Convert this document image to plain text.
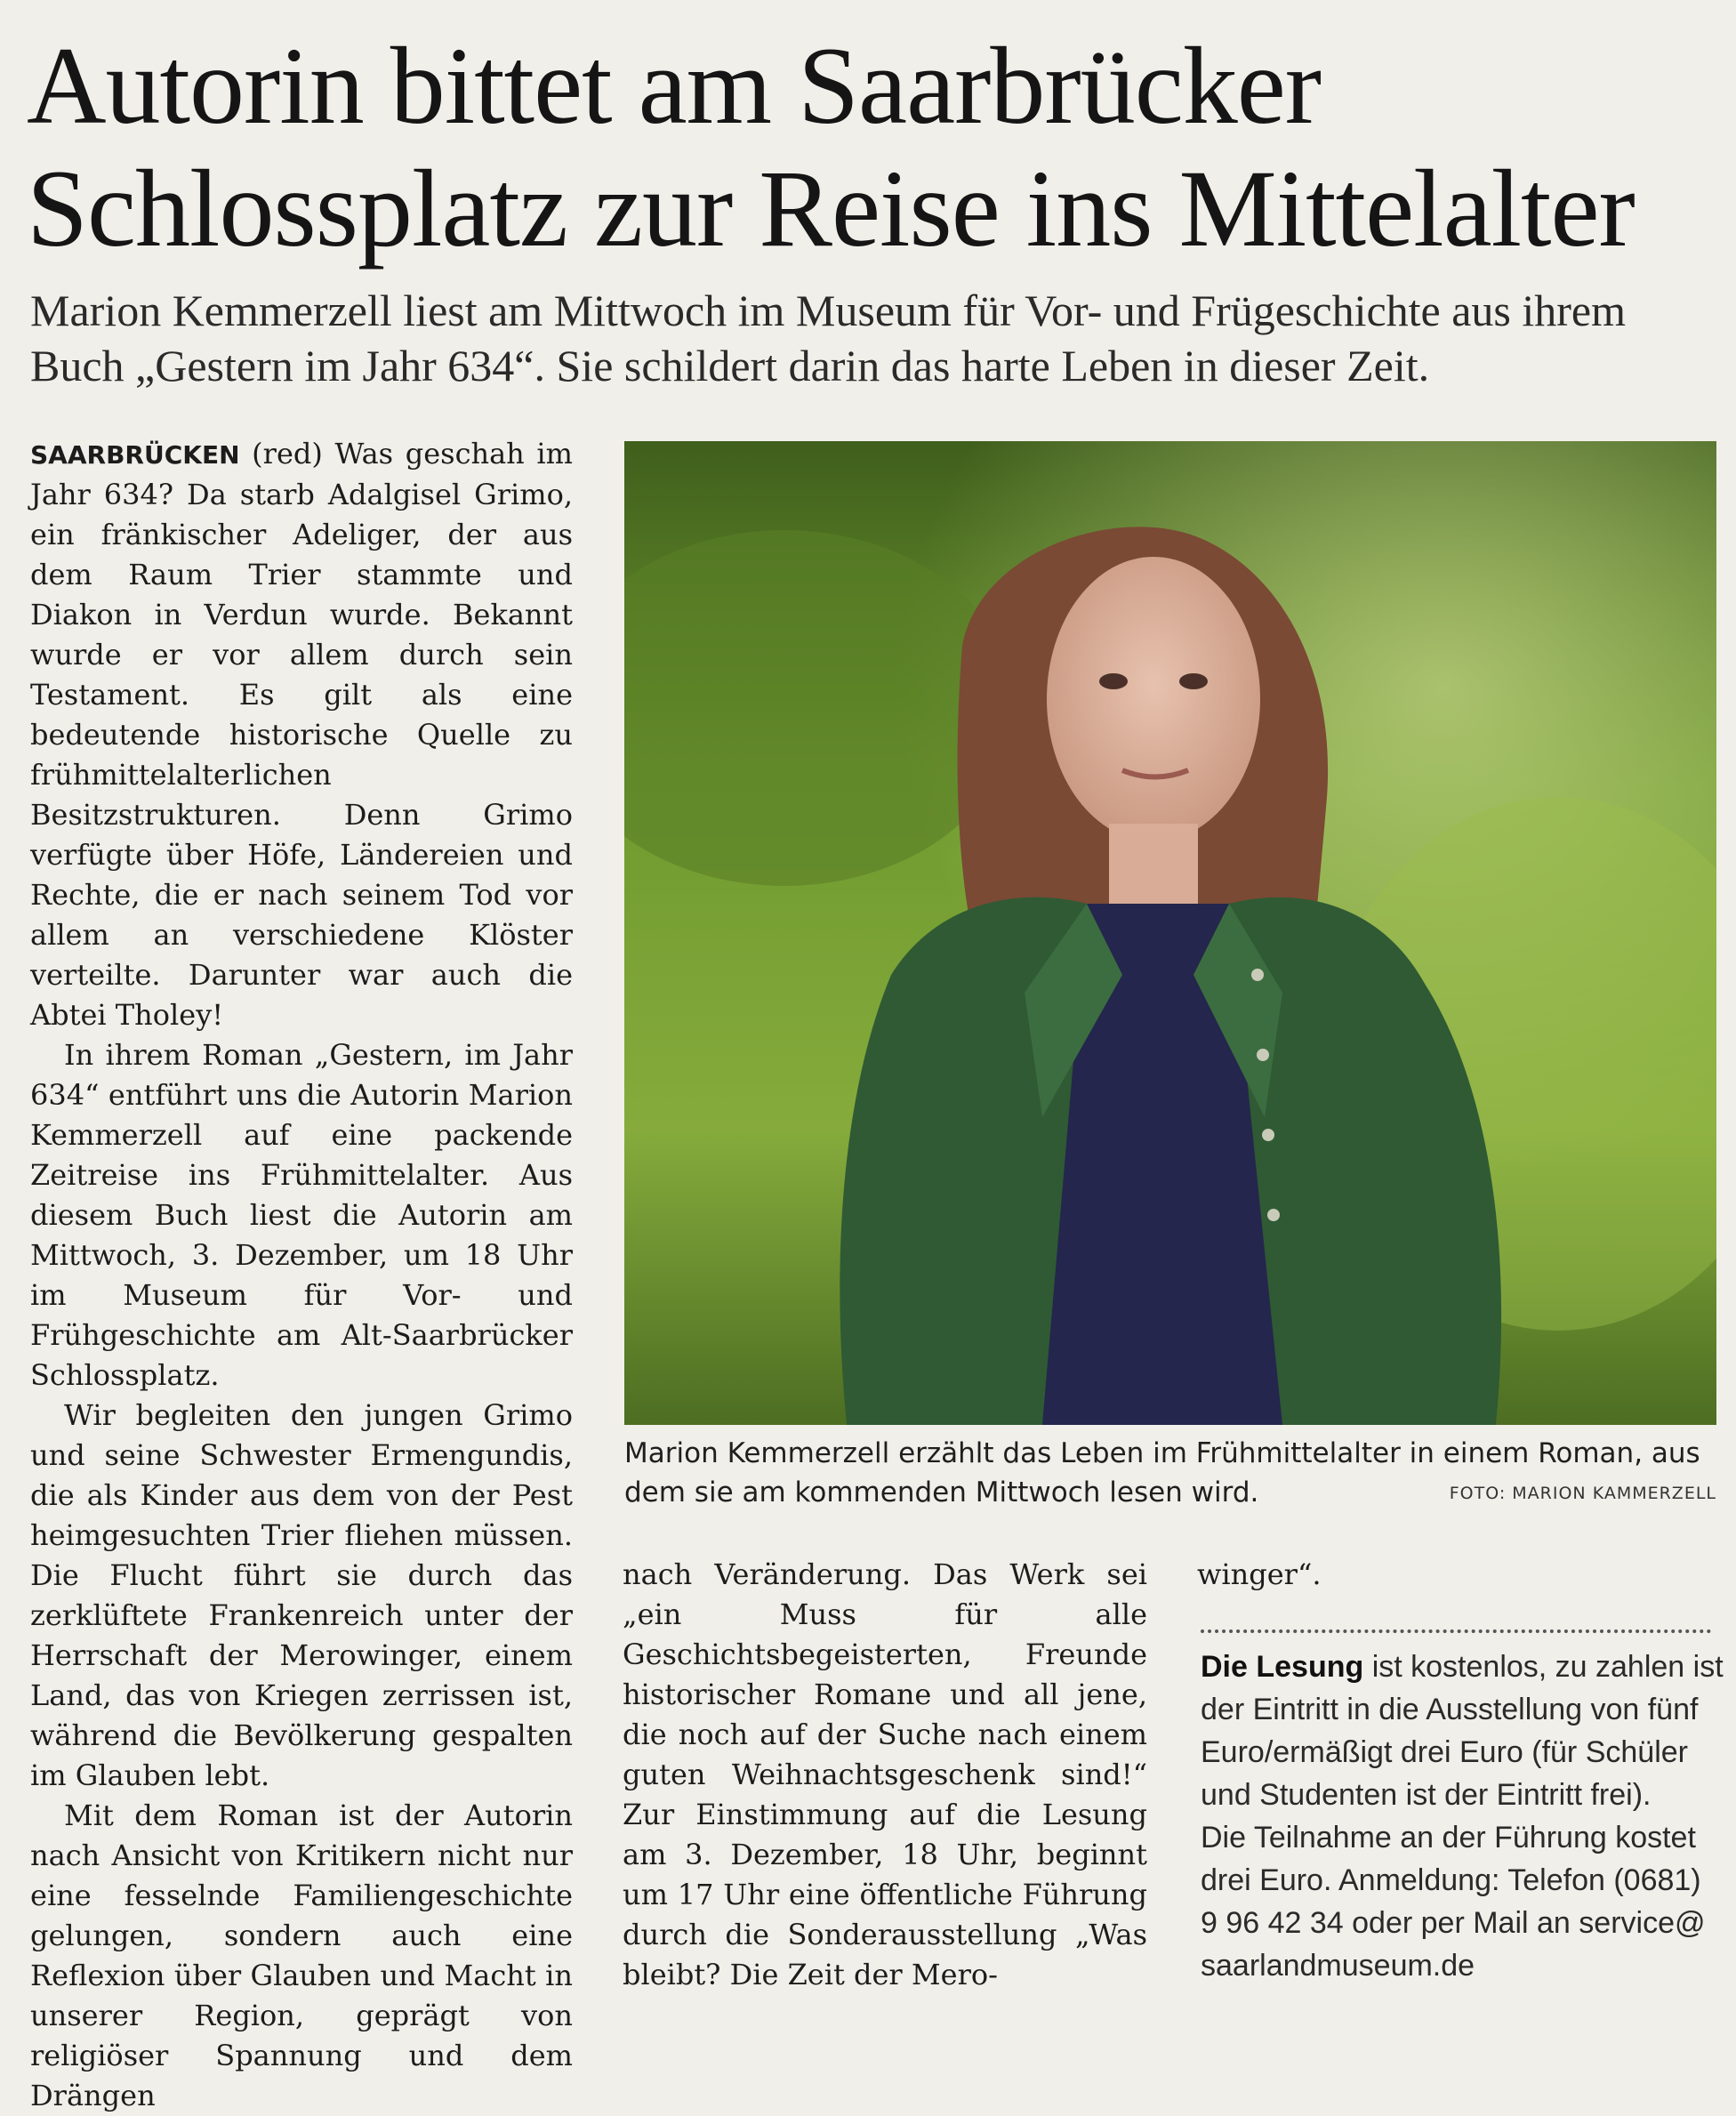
Autorin bittet am Saarbrücker Schlossplatz zur Reise ins Mittelalter

Marion Kemmerzell liest am Mittwoch im Museum für Vor- und Frügeschichte aus ihrem Buch „Gestern im Jahr 634“. Sie schildert darin das harte Leben in dieser Zeit.

SAARBRÜCKEN (red) Was geschah im Jahr 634? Da starb Adalgisel Grimo, ein fränkischer Adeliger, der aus dem Raum Trier stammte und Diakon in Verdun wurde. Bekannt wurde er vor allem durch sein Testament. Es gilt als eine bedeutende historische Quelle zu frühmittelalterlichen Besitzstrukturen. Denn Grimo verfügte über Höfe, Ländereien und Rechte, die er nach seinem Tod vor allem an verschiedene Klöster verteilte. Darunter war auch die Abtei Tholey!

In ihrem Roman „Gestern, im Jahr 634“ entführt uns die Autorin Marion Kemmerzell auf eine packende Zeitreise ins Frühmittelalter. Aus diesem Buch liest die Autorin am Mittwoch, 3. Dezember, um 18 Uhr im Museum für Vor- und Frühgeschichte am Alt-Saarbrücker Schlossplatz.

Wir begleiten den jungen Grimo und seine Schwester Ermengundis, die als Kinder aus dem von der Pest heimgesuchten Trier fliehen müssen. Die Flucht führt sie durch das zerklüftete Frankenreich unter der Herrschaft der Merowinger, einem Land, das von Kriegen zerrissen ist, während die Bevölkerung gespalten im Glauben lebt.

Mit dem Roman ist der Autorin nach Ansicht von Kritikern nicht nur eine fesselnde Familiengeschichte gelungen, sondern auch eine Reflexion über Glauben und Macht in unserer Region, geprägt von religiöser Spannung und dem Drängen

Marion Kemmerzell erzählt das Leben im Frühmittelalter in einem Roman, aus dem sie am kommenden Mittwoch lesen wird.	FOTO: MARION KAMMERZELL

nach Veränderung. Das Werk sei „ein Muss für alle Geschichtsbegeisterten, Freunde historischer Romane und all jene, die noch auf der Suche nach einem guten Weihnachtsgeschenk sind!“ Zur Einstimmung auf die Lesung am 3. Dezember, 18 Uhr, beginnt um 17 Uhr eine öffentliche Führung durch die Sonderausstellung „Was bleibt? Die Zeit der Mero-

winger“.

Die Lesung ist kostenlos, zu zahlen ist
der Eintritt in die Ausstellung von fünf
Euro/ermäßigt drei Euro (für Schüler
und Studenten ist der Eintritt frei).
Die Teilnahme an der Führung kostet
drei Euro. Anmeldung: Telefon (0681)
9 96 42 34 oder per Mail an service@
saarlandmuseum.de
